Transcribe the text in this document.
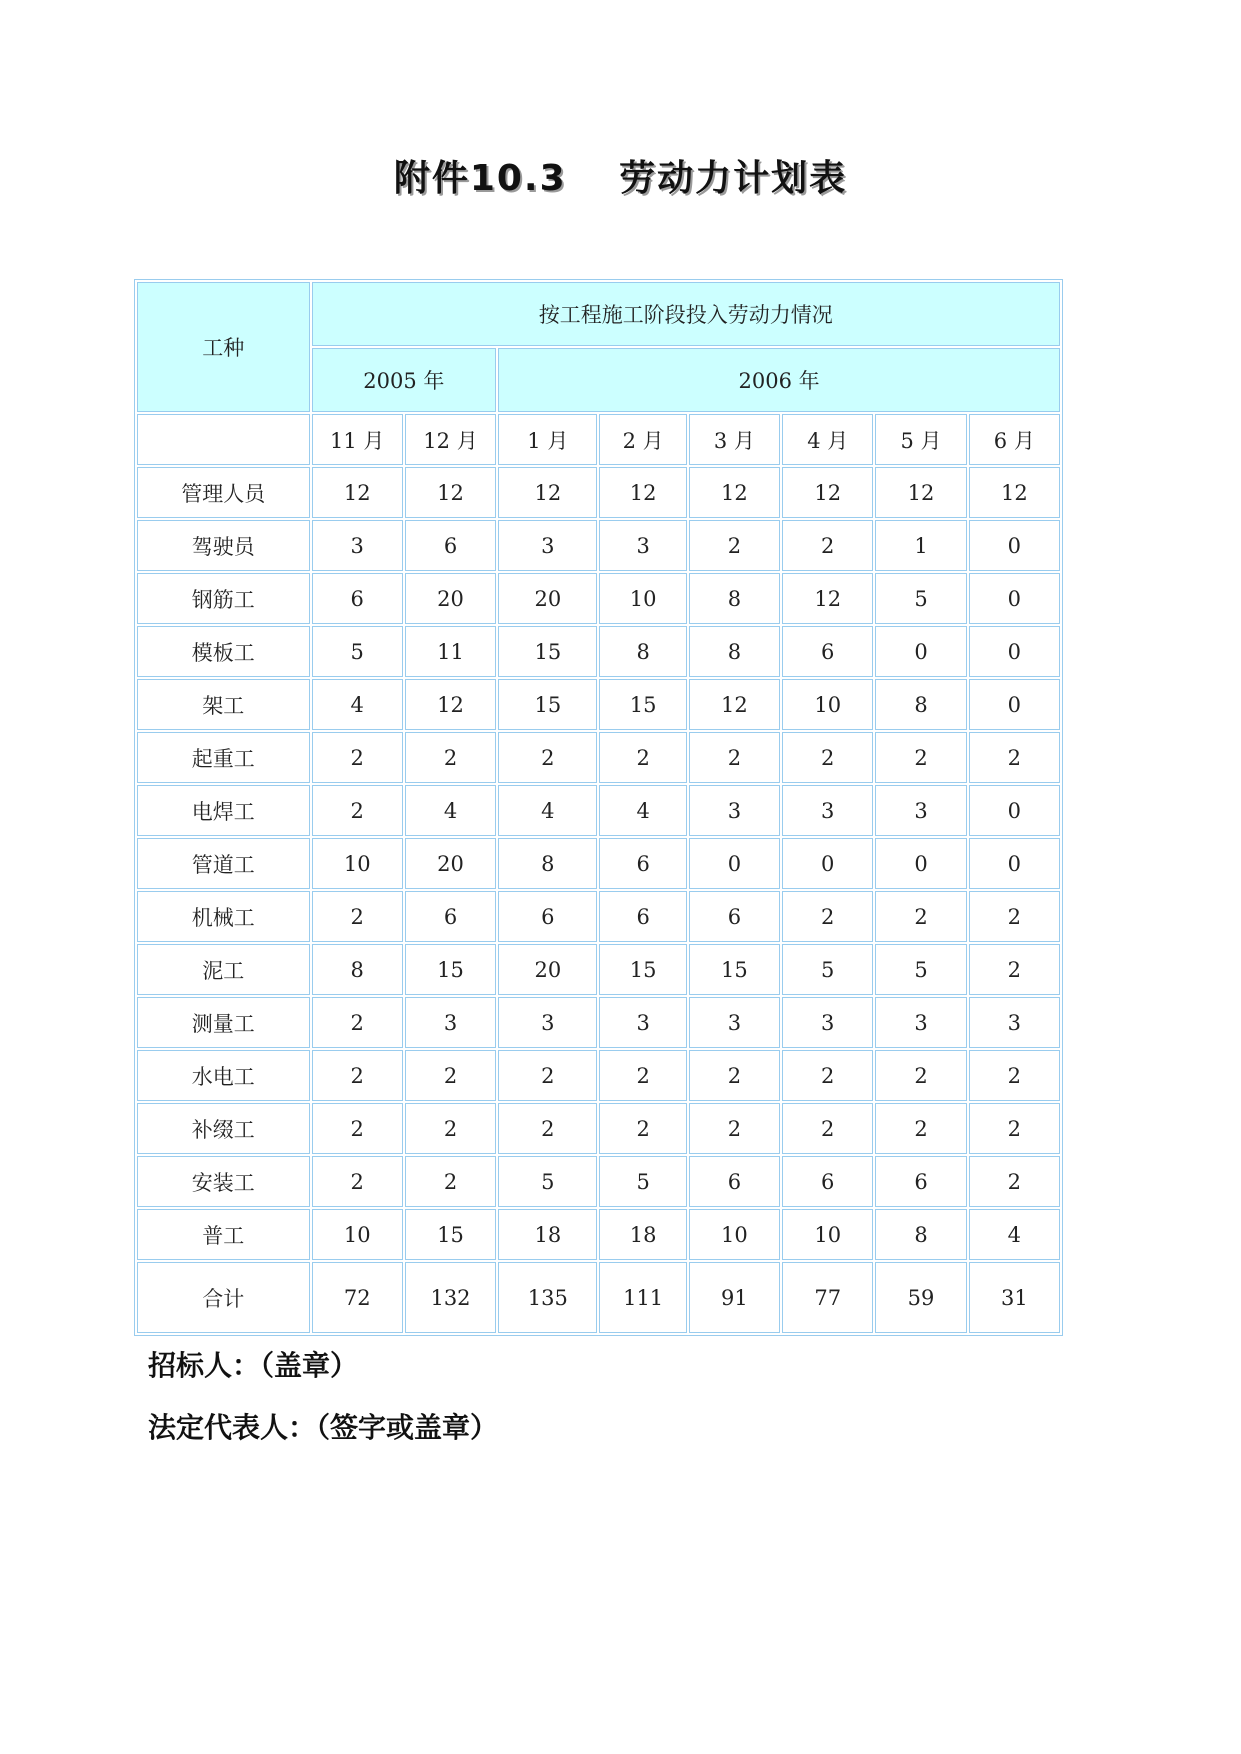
附件10.3　 劳动力计划表
工种	按工程施工阶段投入劳动力情况							
	2005 年		2006 年					
	11 月	12 月	1 月	2 月	3 月	4 月	5 月	6 月
管理人员	12	12	12	12	12	12	12	12
驾驶员	3	6	3	3	2	2	1	0
钢筋工	6	20	20	10	8	12	5	0
模板工	5	11	15	8	8	6	0	0
架工	4	12	15	15	12	10	8	0
起重工	2	2	2	2	2	2	2	2
电焊工	2	4	4	4	3	3	3	0
管道工	10	20	8	6	0	0	0	0
机械工	2	6	6	6	6	2	2	2
泥工	8	15	20	15	15	5	5	2
测量工	2	3	3	3	3	3	3	3
水电工	2	2	2	2	2	2	2	2
补缀工	2	2	2	2	2	2	2	2
安装工	2	2	5	5	6	6	6	2
普工	10	15	18	18	10	10	8	4
合计	72	132	135	111	91	77	59	31
招标人：（盖章）
法定代表人：（签字或盖章）
